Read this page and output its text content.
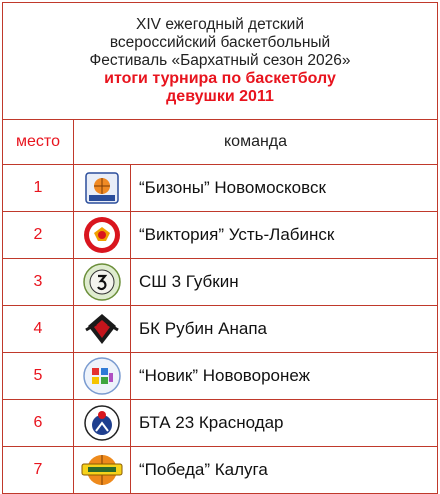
XIV ежегодный детский
всероссийский баскетбольный
Фестиваль «Бархатный сезон 2026»
итоги турнира по баскетболу
девушки 2011		

место	команда	
1		“Бизоны” Новомосковск
2		“Виктория” Усть-Лабинск
3		СШ 3 Губкин
4		БК Рубин Анапа
5		“Новик” Нововоронеж
6		БТА 23 Краснодар
7		“Победа” Калуга
